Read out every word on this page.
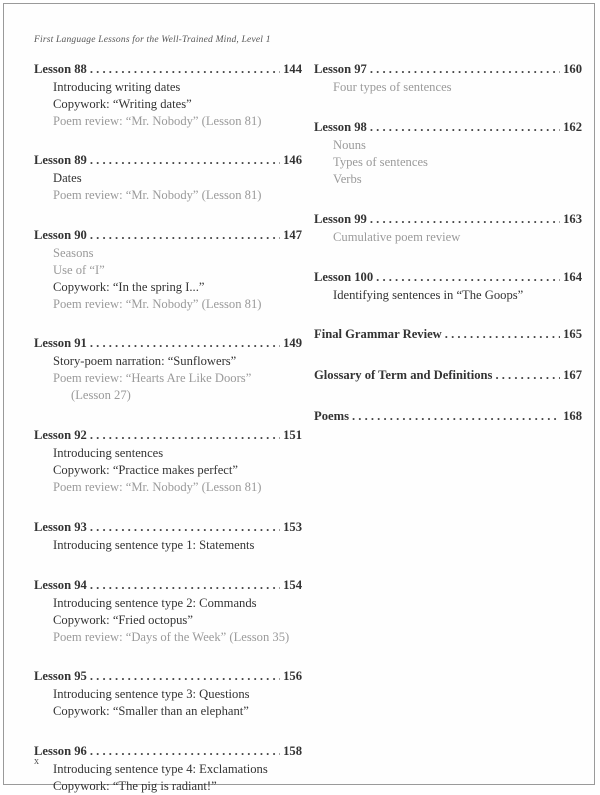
First Language Lessons for the Well-Trained Mind, Level 1
Lesson 88 . . .	144
Introducing writing dates
Copywork: “Writing dates”
Poem review: “Mr. Nobody” (Lesson 81)
Lesson 89 . . .	146
Dates
Poem review: “Mr. Nobody” (Lesson 81)
Lesson 90 . . .	147
Seasons
Use of “I”
Copywork: “In the spring I...”
Poem review: “Mr. Nobody” (Lesson 81)
Lesson 91 . . .	149
Story-poem narration: “Sunflowers”
Poem review: “Hearts Are Like Doors”
(Lesson 27)
Lesson 92 . . .	151
Introducing sentences
Copywork: “Practice makes perfect”
Poem review: “Mr. Nobody” (Lesson 81)
Lesson 93 . . .	153
Introducing sentence type 1: Statements
Lesson 94 . . .	154
Introducing sentence type 2: Commands
Copywork: “Fried octopus”
Poem review: “Days of the Week” (Lesson 35)
Lesson 95 . . .	156
Introducing sentence type 3: Questions
Copywork: “Smaller than an elephant”
Lesson 96 . . .	158
Introducing sentence type 4: Exclamations
Copywork: “The pig is radiant!”
Lesson 97 . . .	160
Four types of sentences
Lesson 98 . . .	162
Nouns
Types of sentences
Verbs
Lesson 99 . . .	163
Cumulative poem review
Lesson 100 . . .	164
Identifying sentences in “The Goops”
Final Grammar Review . . .	165
Glossary of Term and Definitions . . .	167
Poems . . .	168
x
